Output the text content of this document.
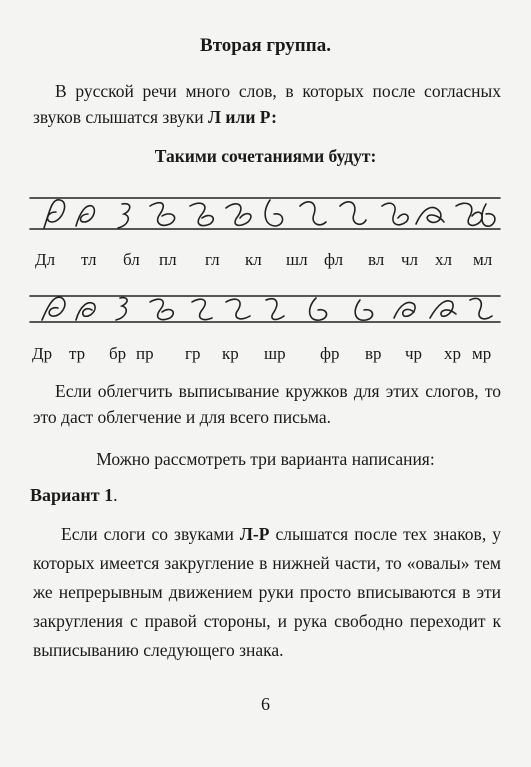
Вторая группа.
В русской речи много слов, в которых после согласных звуков слышатся звуки Л или Р:
Такими сочетаниями будут:
Дл тл бл пл гл кл шл фл вл чл хл мл
Др тр бр пр гр кр шр фр вр чр хр мр
Если облегчить выписывание кружков для этих слогов, то это даст облегчение и для всего письма.
Можно рассмотреть три варианта написания:
Вариант 1.
Если слоги со звуками Л-Р слышатся после тех знаков, у которых имеется закругление в нижней части, то «овалы» тем же непрерывным движением руки просто вписываются в эти закругления с правой стороны, и рука свободно переходит к выписыванию следующего знака.
6
